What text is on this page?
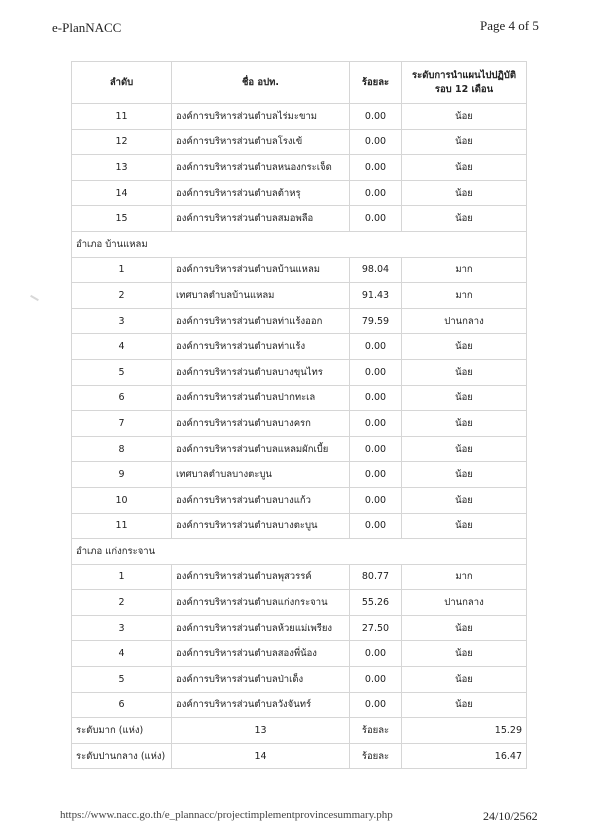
e-PlanNACC	Page 4 of 5
ลำดับ	ชื่อ อปท.	ร้อยละ	ระดับการนำแผนไปปฏิบัติ รอบ 12 เดือน
11	องค์การบริหารส่วนตำบลไร่มะขาม	0.00	น้อย
12	องค์การบริหารส่วนตำบลโรงเข้	0.00	น้อย
13	องค์การบริหารส่วนตำบลหนองกระเจ็ด	0.00	น้อย
14	องค์การบริหารส่วนตำบลต้าหรุ	0.00	น้อย
15	องค์การบริหารส่วนตำบลสมอพลือ	0.00	น้อย
อำเภอ บ้านแหลม			
1	องค์การบริหารส่วนตำบลบ้านแหลม	98.04	มาก
2	เทศบาลตำบลบ้านแหลม	91.43	มาก
3	องค์การบริหารส่วนตำบลท่าแร้งออก	79.59	ปานกลาง
4	องค์การบริหารส่วนตำบลท่าแร้ง	0.00	น้อย
5	องค์การบริหารส่วนตำบลบางขุนไทร	0.00	น้อย
6	องค์การบริหารส่วนตำบลปากทะเล	0.00	น้อย
7	องค์การบริหารส่วนตำบลบางครก	0.00	น้อย
8	องค์การบริหารส่วนตำบลแหลมผักเบี้ย	0.00	น้อย
9	เทศบาลตำบลบางตะบูน	0.00	น้อย
10	องค์การบริหารส่วนตำบลบางแก้ว	0.00	น้อย
11	องค์การบริหารส่วนตำบลบางตะบูน	0.00	น้อย
อำเภอ แก่งกระจาน			
1	องค์การบริหารส่วนตำบลพุสวรรค์	80.77	มาก
2	องค์การบริหารส่วนตำบลแก่งกระจาน	55.26	ปานกลาง
3	องค์การบริหารส่วนตำบลห้วยแม่เพรียง	27.50	น้อย
4	องค์การบริหารส่วนตำบลสองพี่น้อง	0.00	น้อย
5	องค์การบริหารส่วนตำบลป่าเด็ง	0.00	น้อย
6	องค์การบริหารส่วนตำบลวังจันทร์	0.00	น้อย
ระดับมาก (แห่ง)	13	ร้อยละ	15.29
ระดับปานกลาง (แห่ง)	14	ร้อยละ	16.47
https://www.nacc.go.th/e_plannacc/projectimplementprovincesummary.php	24/10/2562
